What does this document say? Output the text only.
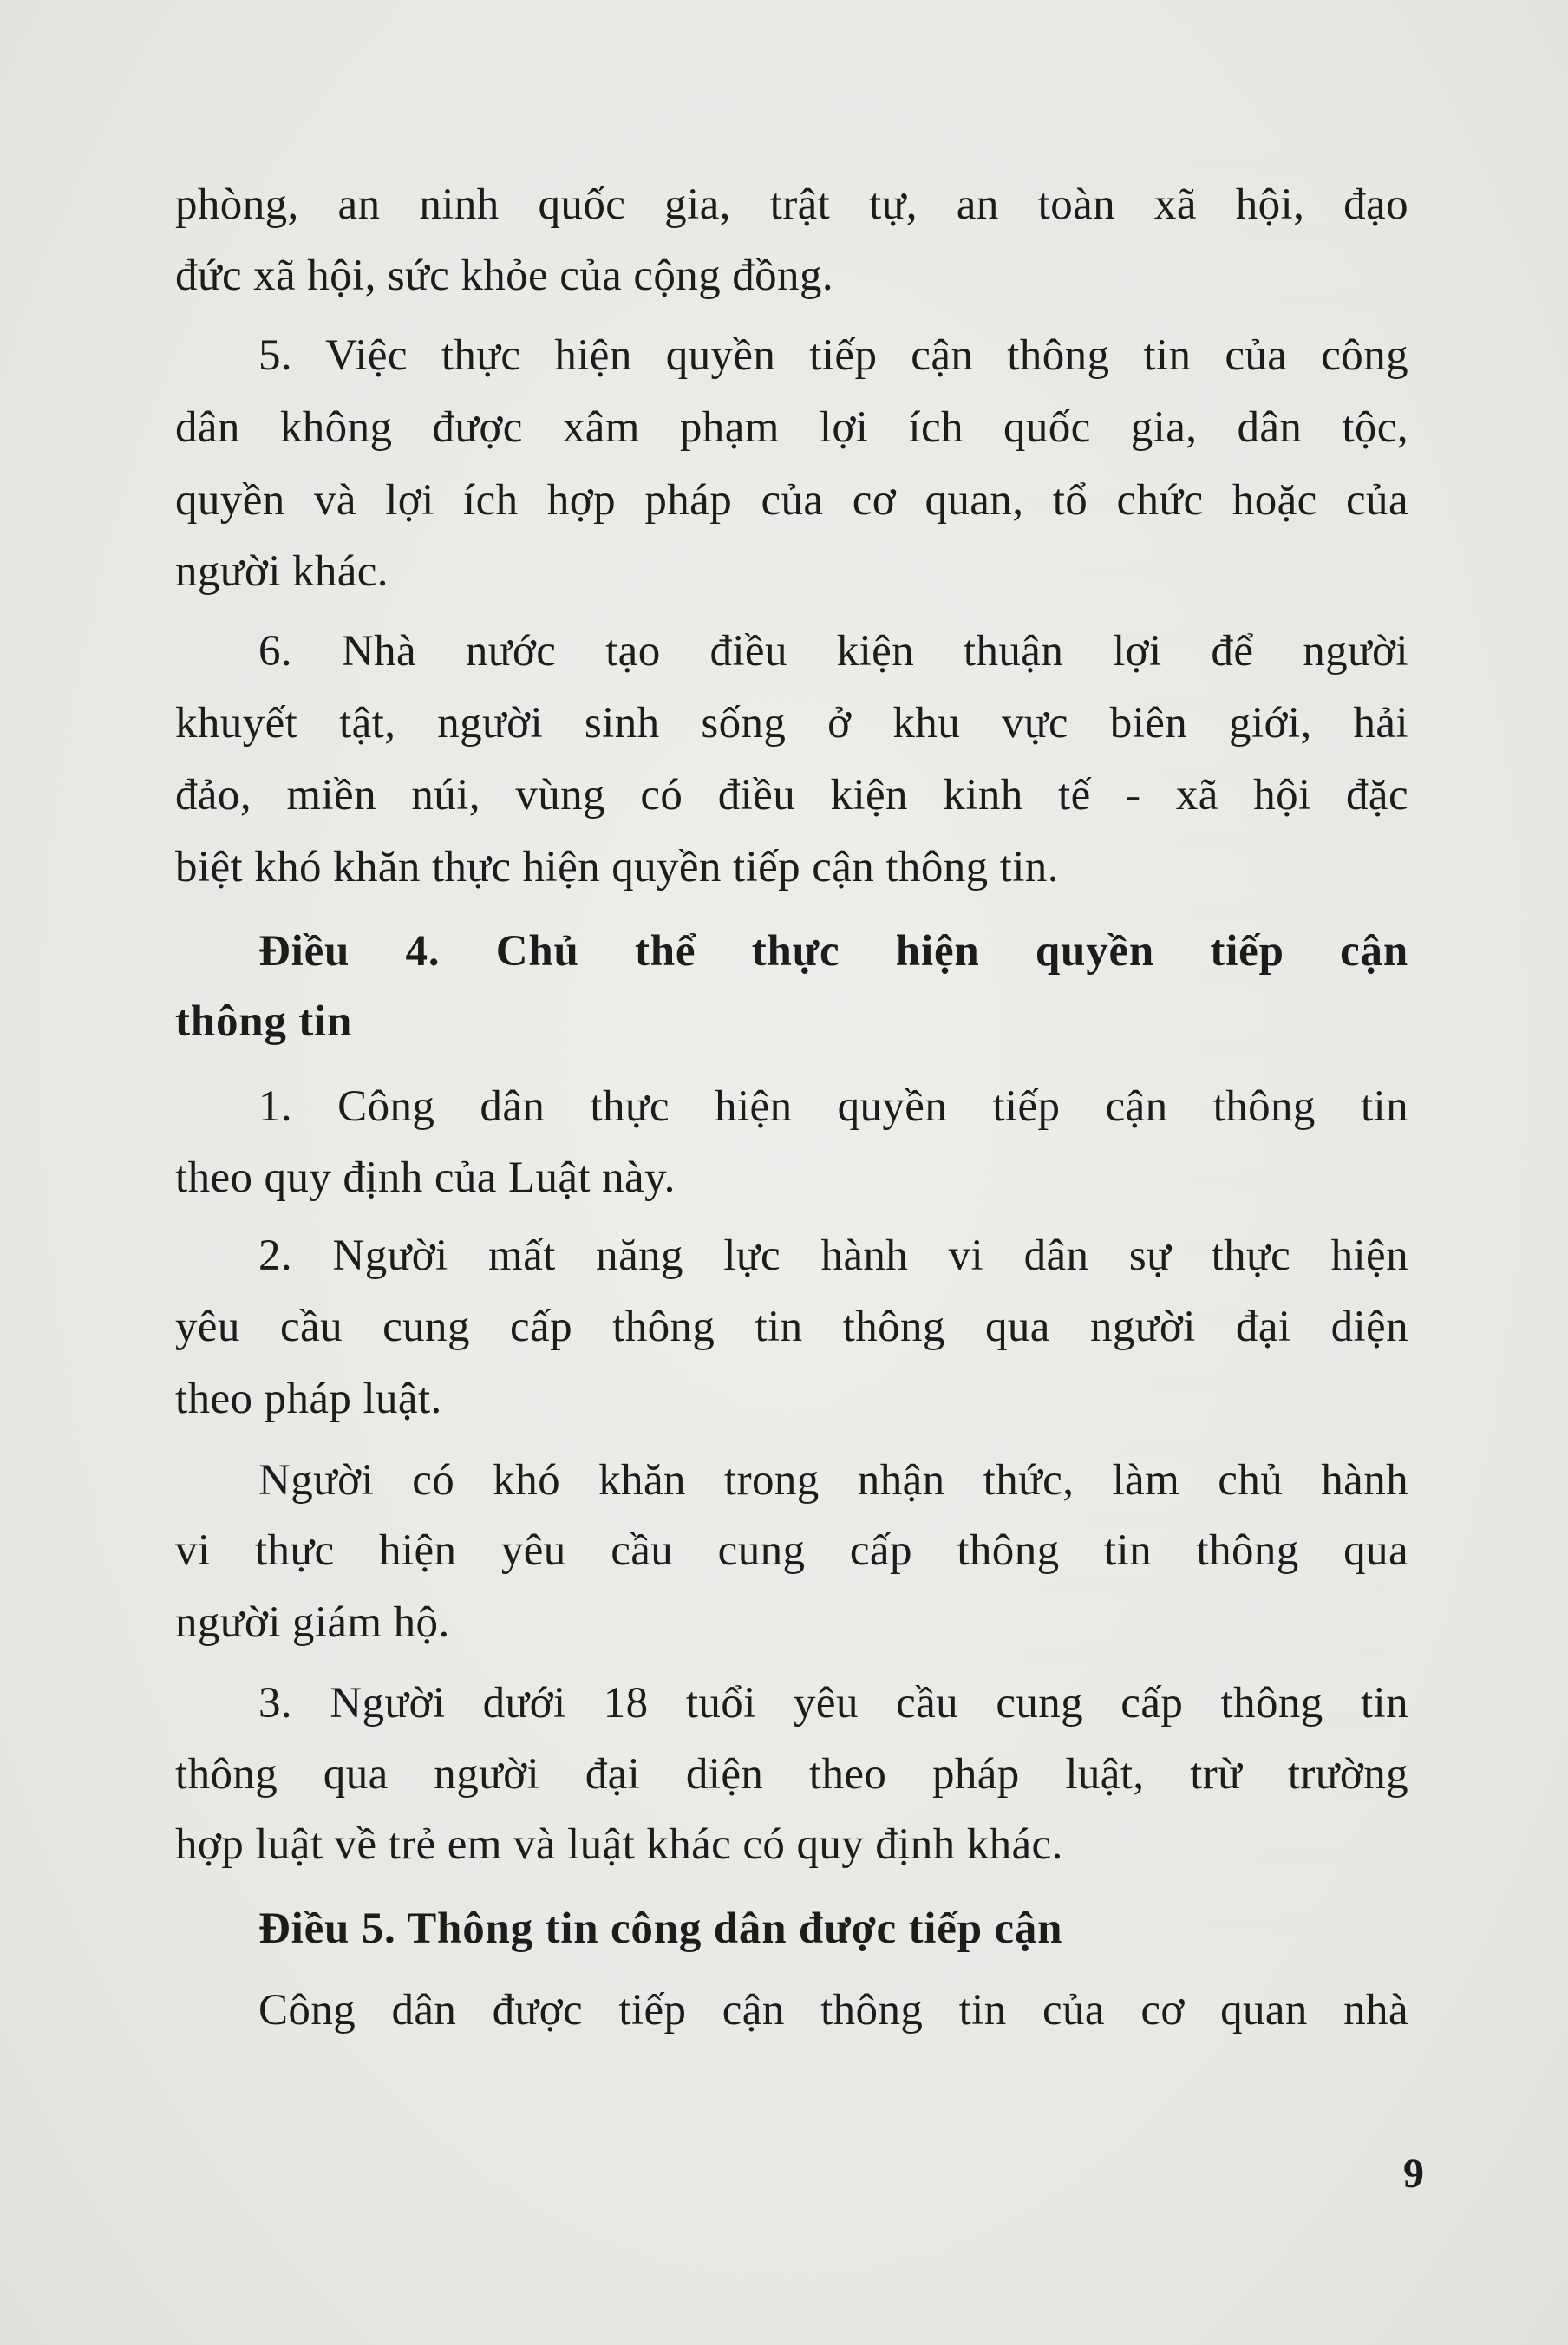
phòng, an ninh quốc gia, trật tự, an toàn xã hội, đạo
đức xã hội, sức khỏe của cộng đồng.
5. Việc thực hiện quyền tiếp cận thông tin của công
dân không được xâm phạm lợi ích quốc gia, dân tộc,
quyền và lợi ích hợp pháp của cơ quan, tổ chức hoặc của
người khác.
6. Nhà nước tạo điều kiện thuận lợi để người
khuyết tật, người sinh sống ở khu vực biên giới, hải
đảo, miền núi, vùng có điều kiện kinh tế - xã hội đặc
biệt khó khăn thực hiện quyền tiếp cận thông tin.
Điều 4. Chủ thể thực hiện quyền tiếp cận
thông tin
1. Công dân thực hiện quyền tiếp cận thông tin
theo quy định của Luật này.
2. Người mất năng lực hành vi dân sự thực hiện
yêu cầu cung cấp thông tin thông qua người đại diện
theo pháp luật.
Người có khó khăn trong nhận thức, làm chủ hành
vi thực hiện yêu cầu cung cấp thông tin thông qua
người giám hộ.
3. Người dưới 18 tuổi yêu cầu cung cấp thông tin
thông qua người đại diện theo pháp luật, trừ trường
hợp luật về trẻ em và luật khác có quy định khác.
Điều 5. Thông tin công dân được tiếp cận
Công dân được tiếp cận thông tin của cơ quan nhà
9
